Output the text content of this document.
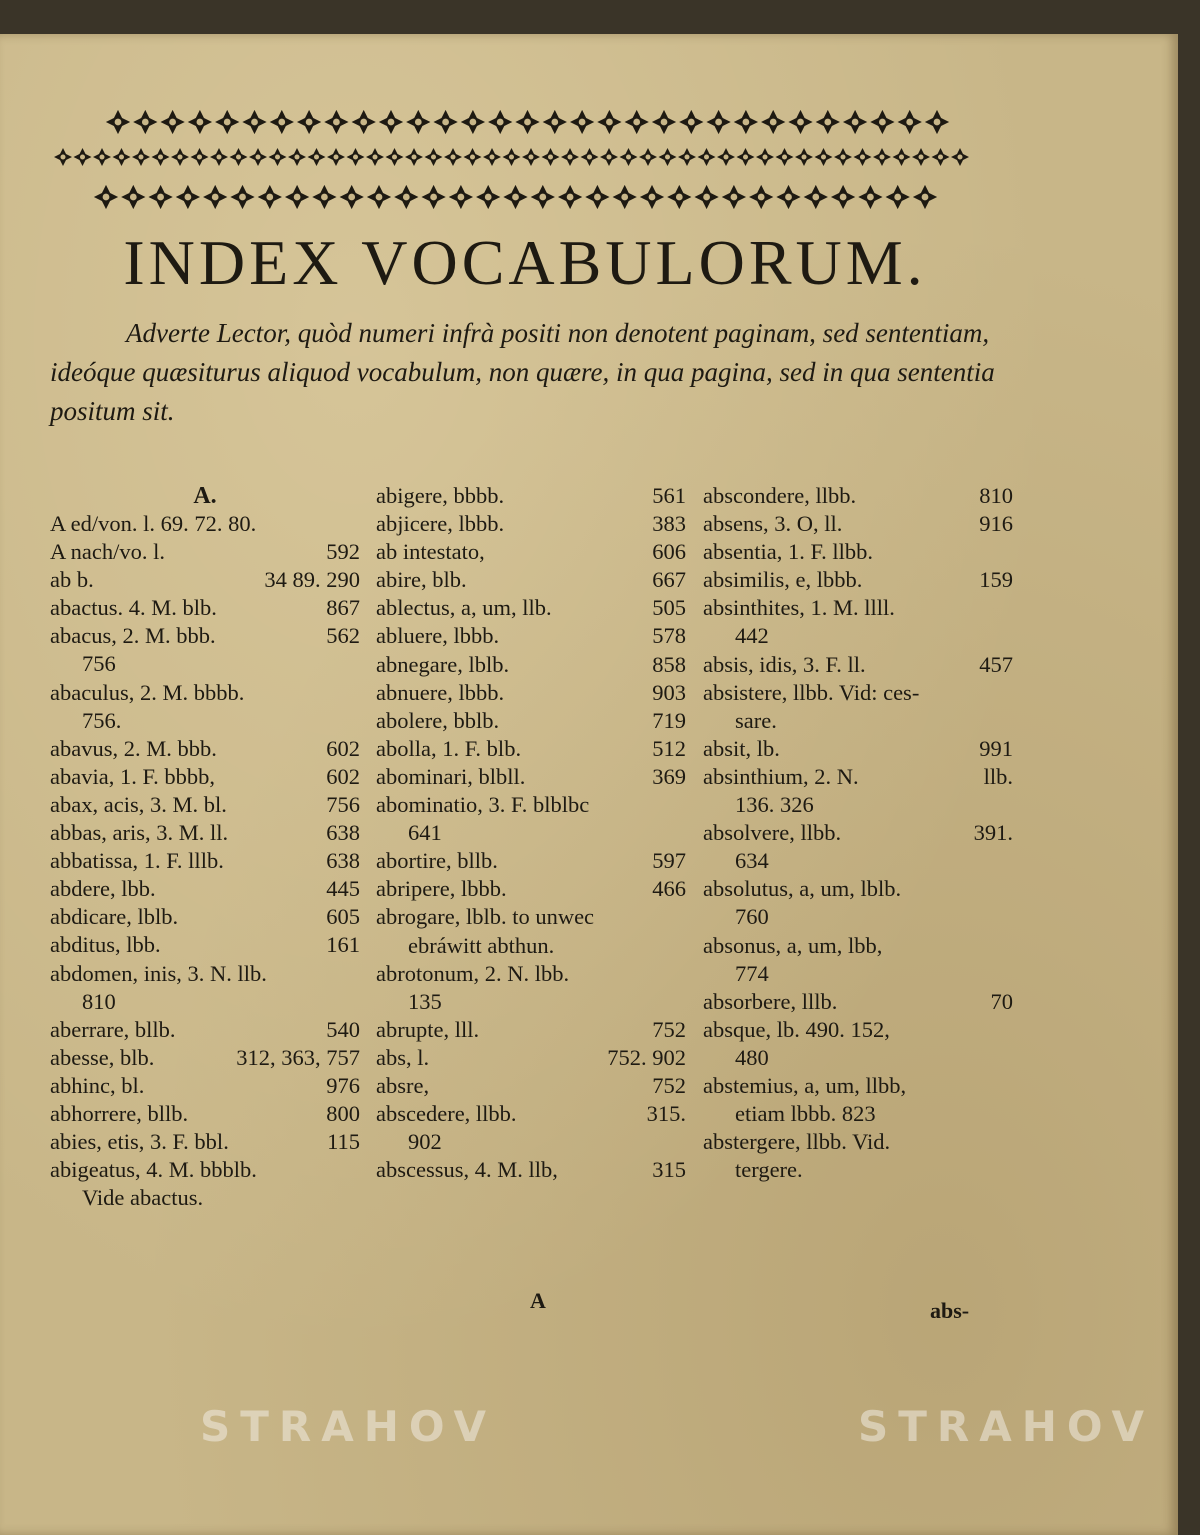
INDEX VOCABULORUM.

Adverte Lector, quòd numeri infrà positi non denotent paginam, sed sententiam, ideóque quæsiturus aliquod vocabulum, non quære, in qua pagina, sed in qua sententia positum sit.

A.
A ed/von. l. 69. 72. 80.
A nach/vo. l.	592
ab b.	34 89. 290
abactus. 4. M. blb.	867
abacus, 2. M. bbb.	562
756
abaculus, 2. M. bbbb.
756.
abavus, 2. M. bbb.	602
abavia, 1. F. bbbb,	602
abax, acis, 3. M. bl.	756
abbas, aris, 3. M. ll.	638
abbatissa, 1. F. lllb.	638
abdere, lbb.	445
abdicare, lblb.	605
abditus, lbb.	161
abdomen, inis, 3. N. llb.
810
aberrare, bllb.	540
abesse, blb.	312, 363, 757
abhinc, bl.	976
abhorrere, bllb.	800
abies, etis, 3. F. bbl.	115
abigeatus, 4. M. bbblb.
Vide abactus.
abigere, bbbb.	561
abjicere, lbbb.	383
ab intestato,	606
abire, blb.	667
ablectus, a, um, llb.	505
abluere, lbbb.	578
abnegare, lblb.	858
abnuere, lbbb.	903
abolere, bblb.	719
abolla, 1. F. blb.	512
abominari, blbll.	369
abominatio, 3. F. blblbc
641
abortire, bllb.	597
abripere, lbbb.	466
abrogare, lblb. to unwec
ebráwitt abthun.
abrotonum, 2. N. lbb.
135
abrupte, lll.	752
abs, l.	752. 902
absre,	752
abscedere, llbb.	315.
902
abscessus, 4. M. llb,	315
abscondere, llbb.	810
absens, 3. O, ll.	916
absentia, 1. F. llbb.
absimilis, e, lbbb.	159
absinthites, 1. M. llll.
442
absis, idis, 3. F. ll.	457
absistere, llbb. Vid: ces-
sare.
absit, lb.	991
absinthium, 2. N.	llb.
136. 326
absolvere, llbb.	391.
634
absolutus, a, um, lblb.
760
absonus, a, um, lbb,
774
absorbere, lllb.	70
absque, lb. 490. 152,
480
abstemius, a, um, llbb,
etiam lbbb. 823
abstergere, llbb. Vid.
tergere.
A	abs-
STRAHOV	STRAHOV
